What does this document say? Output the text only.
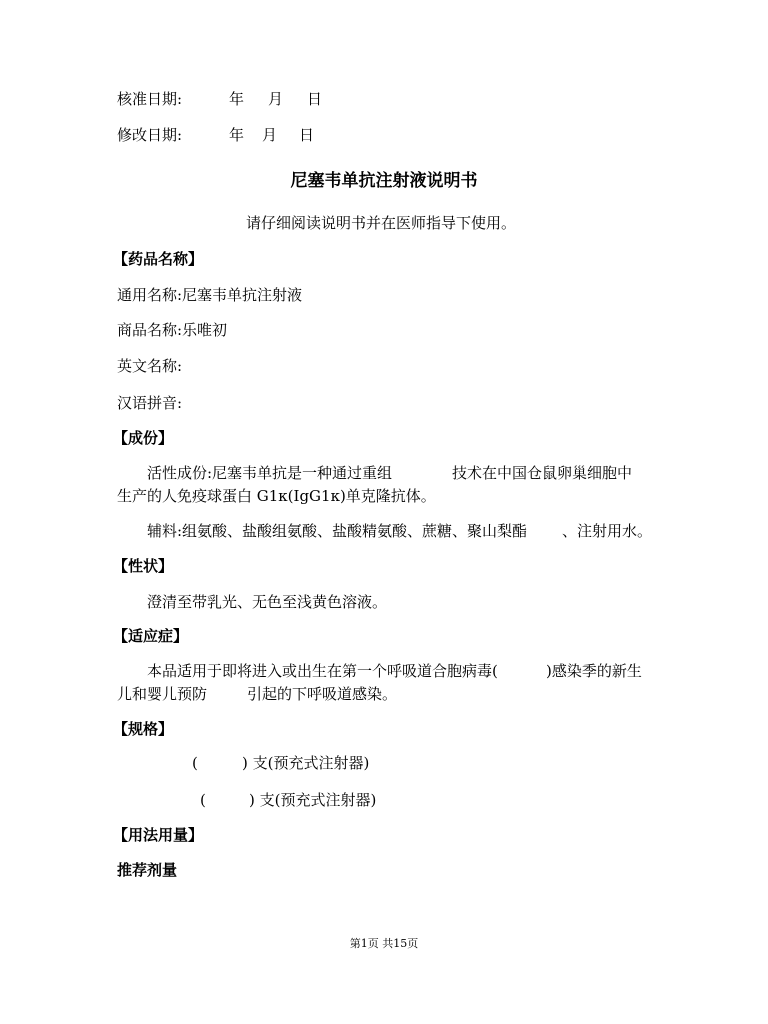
核准日期:	年 月 日
修改日期:	年 月 日
尼塞韦单抗注射液说明书
请仔细阅读说明书并在医师指导下使用。
【药品名称】
通用名称:尼塞韦单抗注射液
商品名称:乐唯初
英文名称:
汉语拼音:
【成份】
活性成份:尼塞韦单抗是一种通过重组	技术在中国仓鼠卵巢细胞中
生产的人免疫球蛋白 G1κ(IgG1κ)单克隆抗体。
辅料:组氨酸、盐酸组氨酸、盐酸精氨酸、蔗糖、聚山梨酯 、注射用水。
【性状】
澄清至带乳光、无色至浅黄色溶液。
【适应症】
本品适用于即将进入或出生在第一个呼吸道合胞病毒(	)感染季的新生
儿和婴儿预防	引起的下呼吸道感染。
【规格】
(	) 支(预充式注射器)
(	) 支(预充式注射器)
【用法用量】
推荐剂量
第1页 共15页
